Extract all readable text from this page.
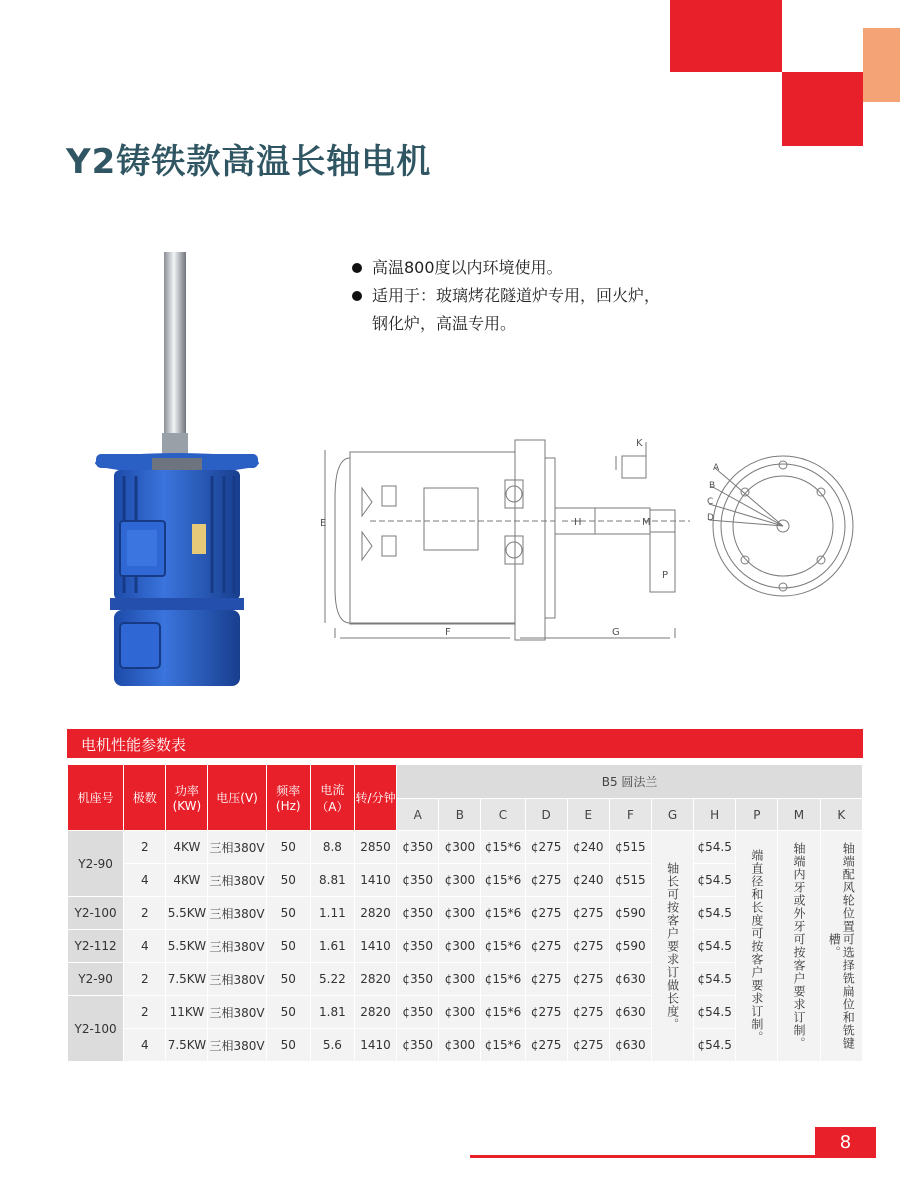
Y2铸铁款高温长轴电机
高温800度以内环境使用。
适用于：玻璃烤花隧道炉专用，回火炉，钢化炉，高温专用。
E
F	G
H	M
P
K
A
B
C
D
电机性能参数表
机座号	极数	功率(KW)	电压(V)	频率(Hz)	电流（A）	转/分钟	B5 圆法兰										
							A	B	C	D	E	F	G	H	P	M	K
Y2-90	2	4KW	三相380V	50	8.8	2850	¢350	¢300	¢15*6	¢275	¢240	¢515	轴长可按客户要求订做长度。	¢54.5	端直径和长度可按客户要求订制。	轴端内牙或外牙可按客户要求订制。	轴端配风轮位置可选择铣扁位和铣键槽。
	4	4KW	三相380V	50	8.81	1410	¢350	¢300	¢15*6	¢275	¢240	¢515		¢54.5			
Y2-100	2	5.5KW	三相380V	50	1.11	2820	¢350	¢300	¢15*6	¢275	¢275	¢590		¢54.5			
Y2-112	4	5.5KW	三相380V	50	1.61	1410	¢350	¢300	¢15*6	¢275	¢275	¢590		¢54.5			
Y2-90	2	7.5KW	三相380V	50	5.22	2820	¢350	¢300	¢15*6	¢275	¢275	¢630		¢54.5			
Y2-100	2	11KW	三相380V	50	1.81	2820	¢350	¢300	¢15*6	¢275	¢275	¢630		¢54.5			
	4	7.5KW	三相380V	50	5.6	1410	¢350	¢300	¢15*6	¢275	¢275	¢630		¢54.5			
8
